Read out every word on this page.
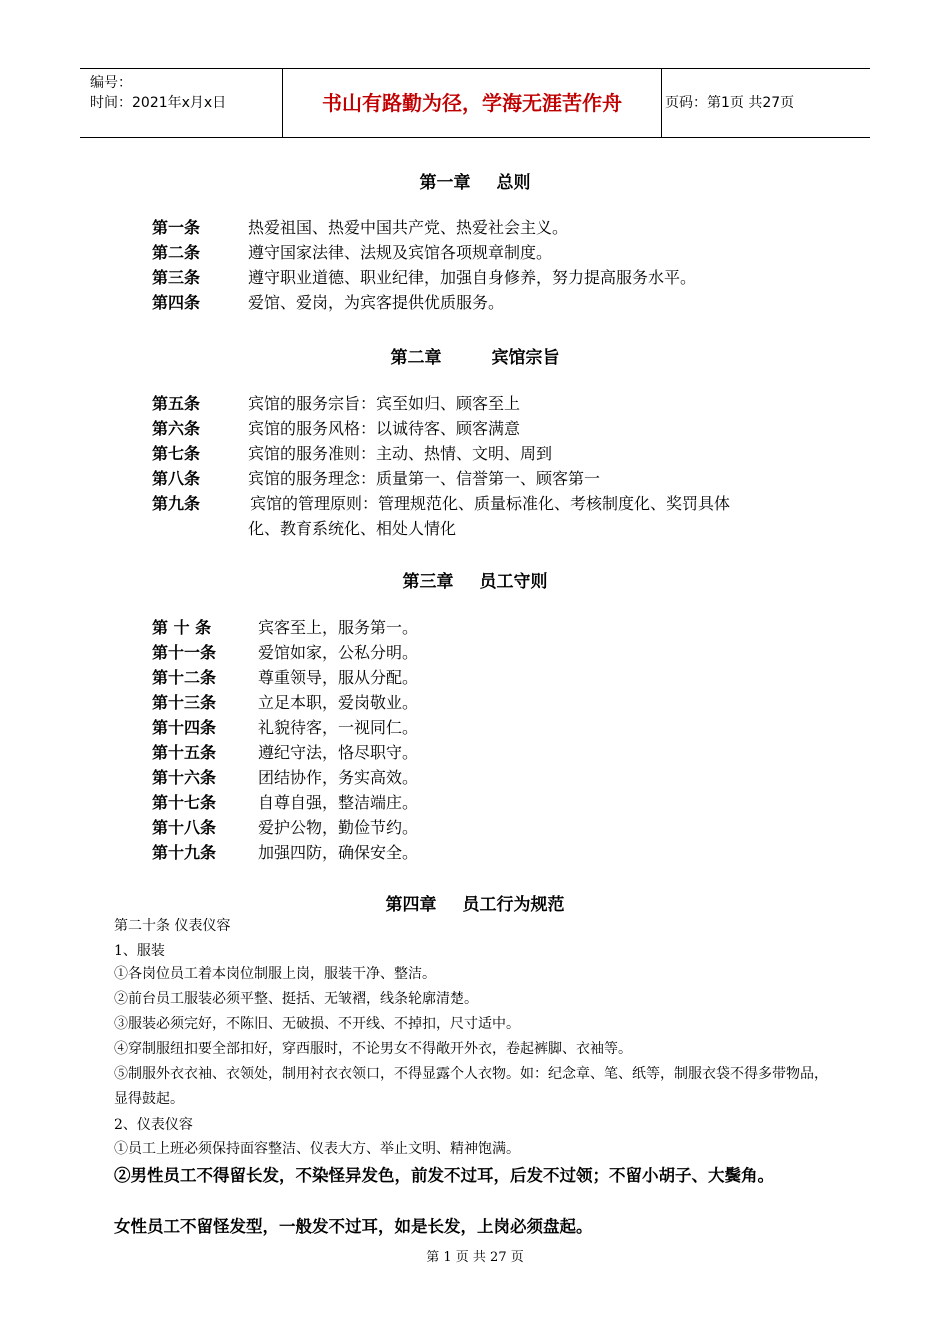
编号：
时间：2021年x月x日	书山有路勤为径，学海无涯苦作舟	页码：第1页 共27页
第一章 总则
第一条	热爱祖国、热爱中国共产党、热爱社会主义。
第二条	遵守国家法律、法规及宾馆各项规章制度。
第三条	遵守职业道德、职业纪律，加强自身修养，努力提高服务水平。
第四条	爱馆、爱岗，为宾客提供优质服务。
第二章	宾馆宗旨
第五条	宾馆的服务宗旨：宾至如归、顾客至上
第六条	宾馆的服务风格：以诚待客、顾客满意
第七条	宾馆的服务准则：主动、热情、文明、周到
第八条	宾馆的服务理念：质量第一、信誉第一、顾客第一
第九条	宾馆的管理原则：管理规范化、质量标准化、考核制度化、奖罚具体
化、教育系统化、相处人情化
第三章 员工守则
第 十 条	宾客至上，服务第一。
第十一条	爱馆如家，公私分明。
第十二条	尊重领导，服从分配。
第十三条	立足本职，爱岗敬业。
第十四条	礼貌待客，一视同仁。
第十五条	遵纪守法，恪尽职守。
第十六条	团结协作，务实高效。
第十七条	自尊自强，整洁端庄。
第十八条	爱护公物，勤俭节约。
第十九条	加强四防，确保安全。
第四章 员工行为规范
第二十条 仪表仪容
1、服装
①各岗位员工着本岗位制服上岗，服装干净、整洁。
②前台员工服装必须平整、挺括、无皱褶，线条轮廓清楚。
③服装必须完好，不陈旧、无破损、不开线、不掉扣，尺寸适中。
④穿制服纽扣要全部扣好，穿西服时，不论男女不得敞开外衣，卷起裤脚、衣袖等。
⑤制服外衣衣袖、衣领处，制用衬衣衣领口，不得显露个人衣物。如：纪念章、笔、纸等，制服衣袋不得多带物品，显得鼓起。
2、仪表仪容
①员工上班必须保持面容整洁、仪表大方、举止文明、精神饱满。
②男性员工不得留长发，不染怪异发色，前发不过耳，后发不过领；不留小胡子、大鬓角。
女性员工不留怪发型，一般发不过耳，如是长发，上岗必须盘起。
第 1 页 共 27 页
